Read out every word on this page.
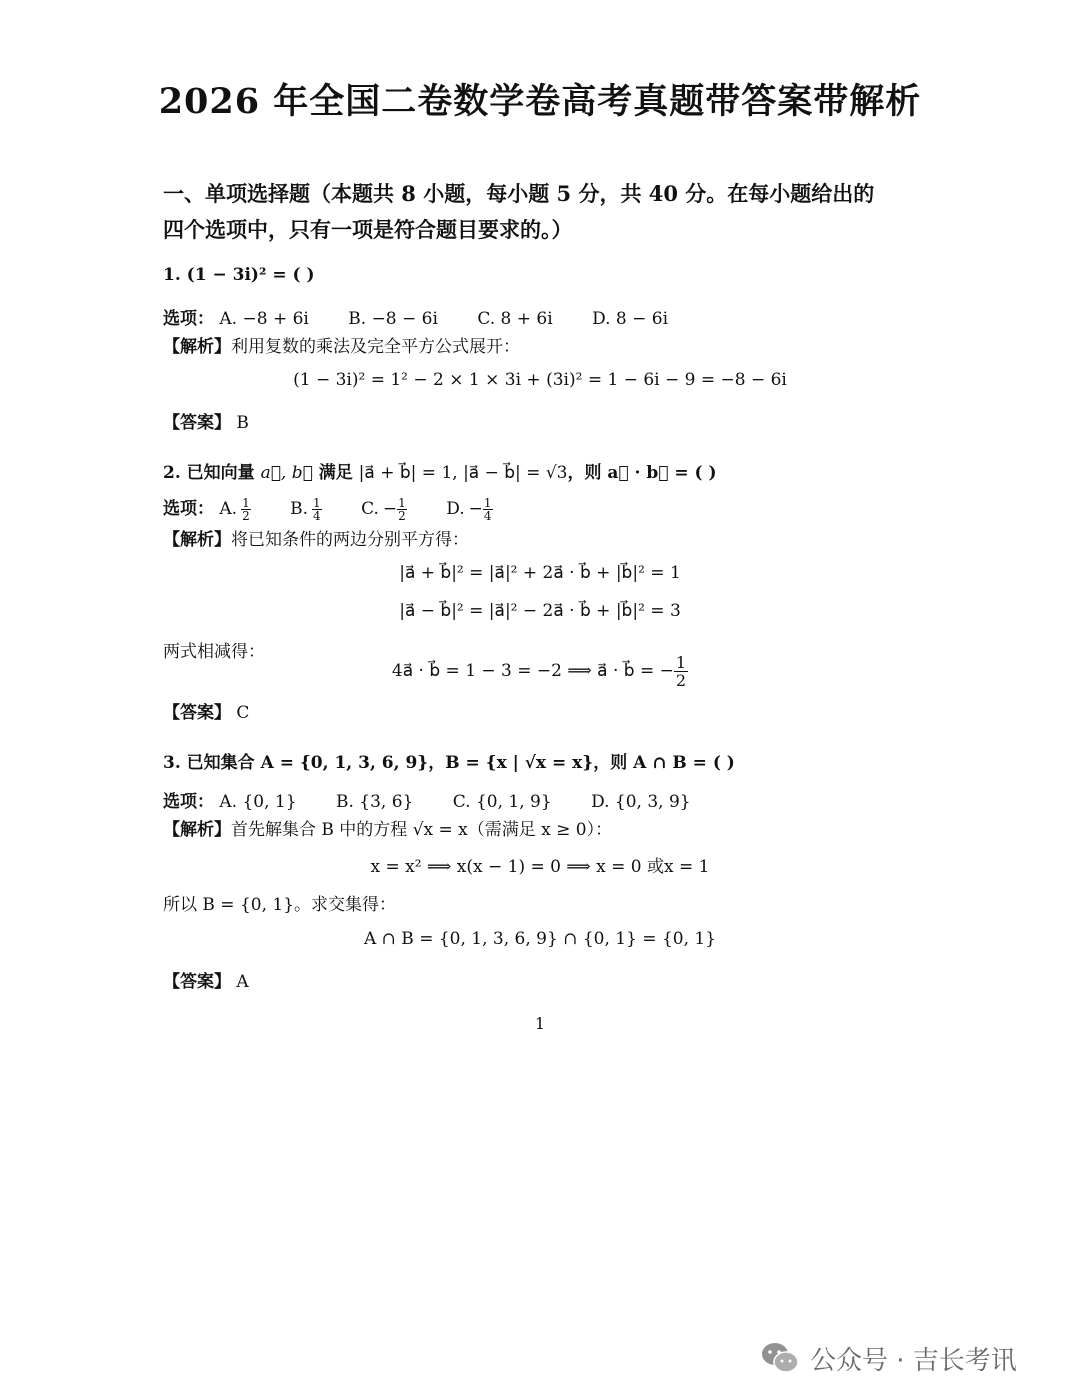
2026 年全国二卷数学卷高考真题带答案带解析
一、单项选择题（本题共 8 小题，每小题 5 分，共 40 分。在每小题给出的
四个选项中，只有一项是符合题目要求的。）
1. (1 − 3i)² = ( )
选项： A. −8 + 6i B. −8 − 6i C. 8 + 6i D. 8 − 6i
【解析】利用复数的乘法及完全平方公式展开：
(1 − 3i)² = 1² − 2 × 1 × 3i + (3i)² = 1 − 6i − 9 = −8 − 6i
【答案】 B
2. 已知向量 a⃗, b⃗ 满足 |a⃗ + b⃗| = 1, |a⃗ − b⃗| = √3，则 a⃗ · b⃗ = ( )
选项： A. $\frac{1}{2} B$. $\frac{1}{4} C$. − $\frac{1}{2} D$. − $\frac{1}{4}$
【解析】将已知条件的两边分别平方得：
|a⃗ + b⃗|² = |a⃗|² + 2a⃗ · b⃗ + |b⃗|² = 1
|a⃗ − b⃗|² = |a⃗|² − 2a⃗ · b⃗ + |b⃗|² = 3
两式相减得：
4a⃗ · b⃗ = 1 − 3 = −2 ⟹ a⃗ · b⃗ = − $\frac{1}{2}$
【答案】 C
3. 已知集合 A = {0, 1, 3, 6, 9}，B = {x | √x = x}，则 A ∩ B = ( )
选项： A. {0, 1} B. {3, 6} C. {0, 1, 9} D. {0, 3, 9}
【解析】首先解集合 B 中的方程 √x = x（需满足 x ≥ 0）：
x = x² ⟹ x(x − 1) = 0 ⟹ x = 0 或x = 1
所以 B = {0, 1}。求交集得：
A ∩ B = {0, 1, 3, 6, 9} ∩ {0, 1} = {0, 1}
【答案】 A
1
公众号 · 吉长考讯
